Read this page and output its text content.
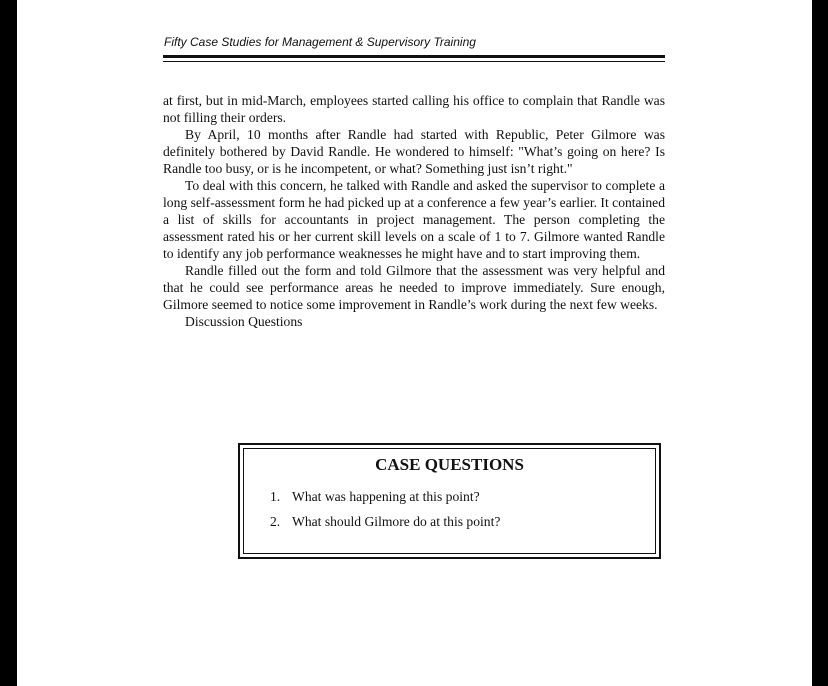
Fifty Case Studies for Management & Supervisory Training

at first, but in mid-March, employees started calling his office to complain that Randle was not filling their orders.

By April, 10 months after Randle had started with Republic, Peter Gilmore was definitely bothered by David Randle. He wondered to himself: "What’s going on here? Is Randle too busy, or is he incompetent, or what? Something just isn’t right."

To deal with this concern, he talked with Randle and asked the supervisor to complete a long self-assessment form he had picked up at a conference a few year’s earlier. It contained a list of skills for accountants in project management. The person completing the assessment rated his or her current skill levels on a scale of 1 to 7. Gilmore wanted Randle to identify any job performance weaknesses he might have and to start improving them.

Randle filled out the form and told Gilmore that the assessment was very helpful and that he could see performance areas he needed to improve immediately. Sure enough, Gilmore seemed to notice some improvement in Randle’s work during the next few weeks.

Discussion Questions

CASE QUESTIONS
1. What was happening at this point?
2. What should Gilmore do at this point?
